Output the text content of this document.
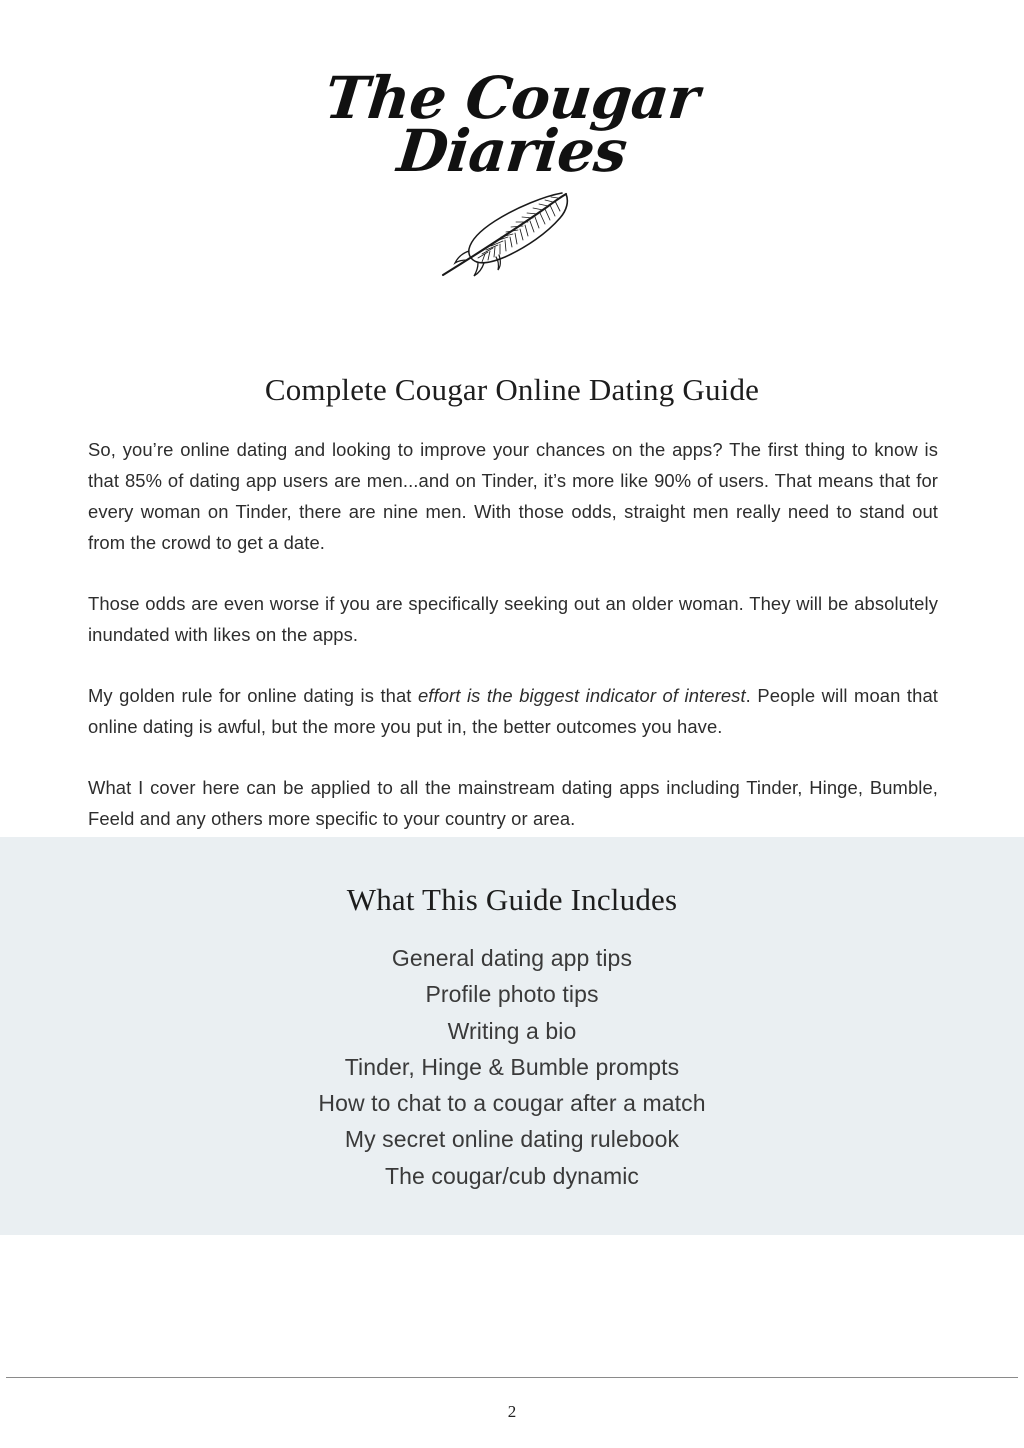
The Cougar
Diaries
Complete Cougar Online Dating Guide

So, you’re online dating and looking to improve your chances on the apps? The first thing to know is that 85% of dating app users are men...and on Tinder, it’s more like 90% of users. That means that for every woman on Tinder, there are nine men. With those odds, straight men really need to stand out from the crowd to get a date.

Those odds are even worse if you are specifically seeking out an older woman. They will be absolutely inundated with likes on the apps.

My golden rule for online dating is that effort is the biggest indicator of interest. People will moan that online dating is awful, but the more you put in, the better outcomes you have.

What I cover here can be applied to all the mainstream dating apps including Tinder, Hinge, Bumble, Feeld and any others more specific to your country or area.

What This Guide Includes
General dating app tips
Profile photo tips
Writing a bio
Tinder, Hinge & Bumble prompts
How to chat to a cougar after a match
My secret online dating rulebook
The cougar/cub dynamic
2
